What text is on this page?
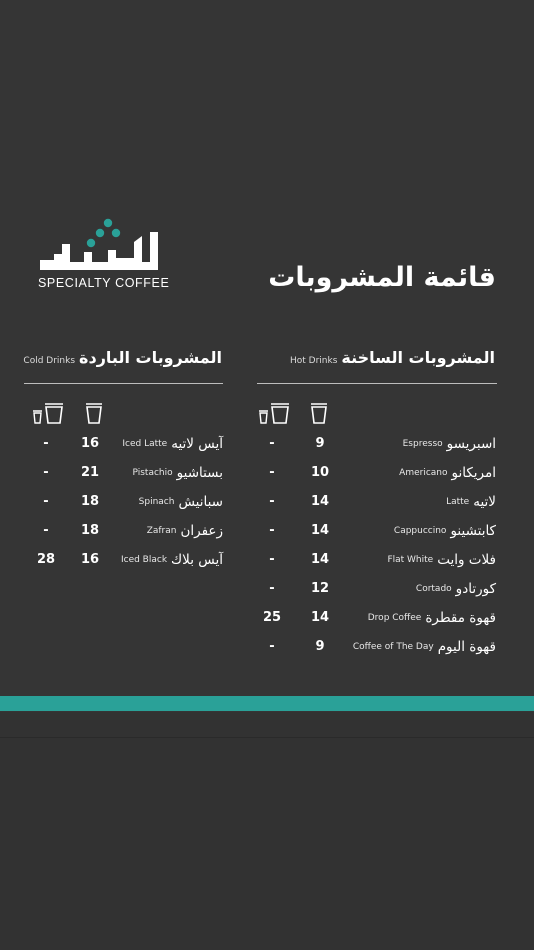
SPECIALTY COFFEE	قائمة المشروبات
Hot Drinks المشروبات الساخنة
Cold Drinks المشروبات الباردة
Espresso اسبريسو
9
-
Americano امريكانو
10
-
Latte لاتيه
14
-
Cappuccino كابتشينو
14
-
Flat White فلات وايت
14
-
Cortado كورتادو
12
-
Drop Coffee قهوة مقطرة
14
25
Coffee of The Day قهوة اليوم
9
-
Iced Latte آيس لاتيه
16
-
Pistachio بستاشيو
21
-
Spinach سبانيش
18
-
Zafran زعفران
18
-
Iced Black آيس بلاك
16
28
